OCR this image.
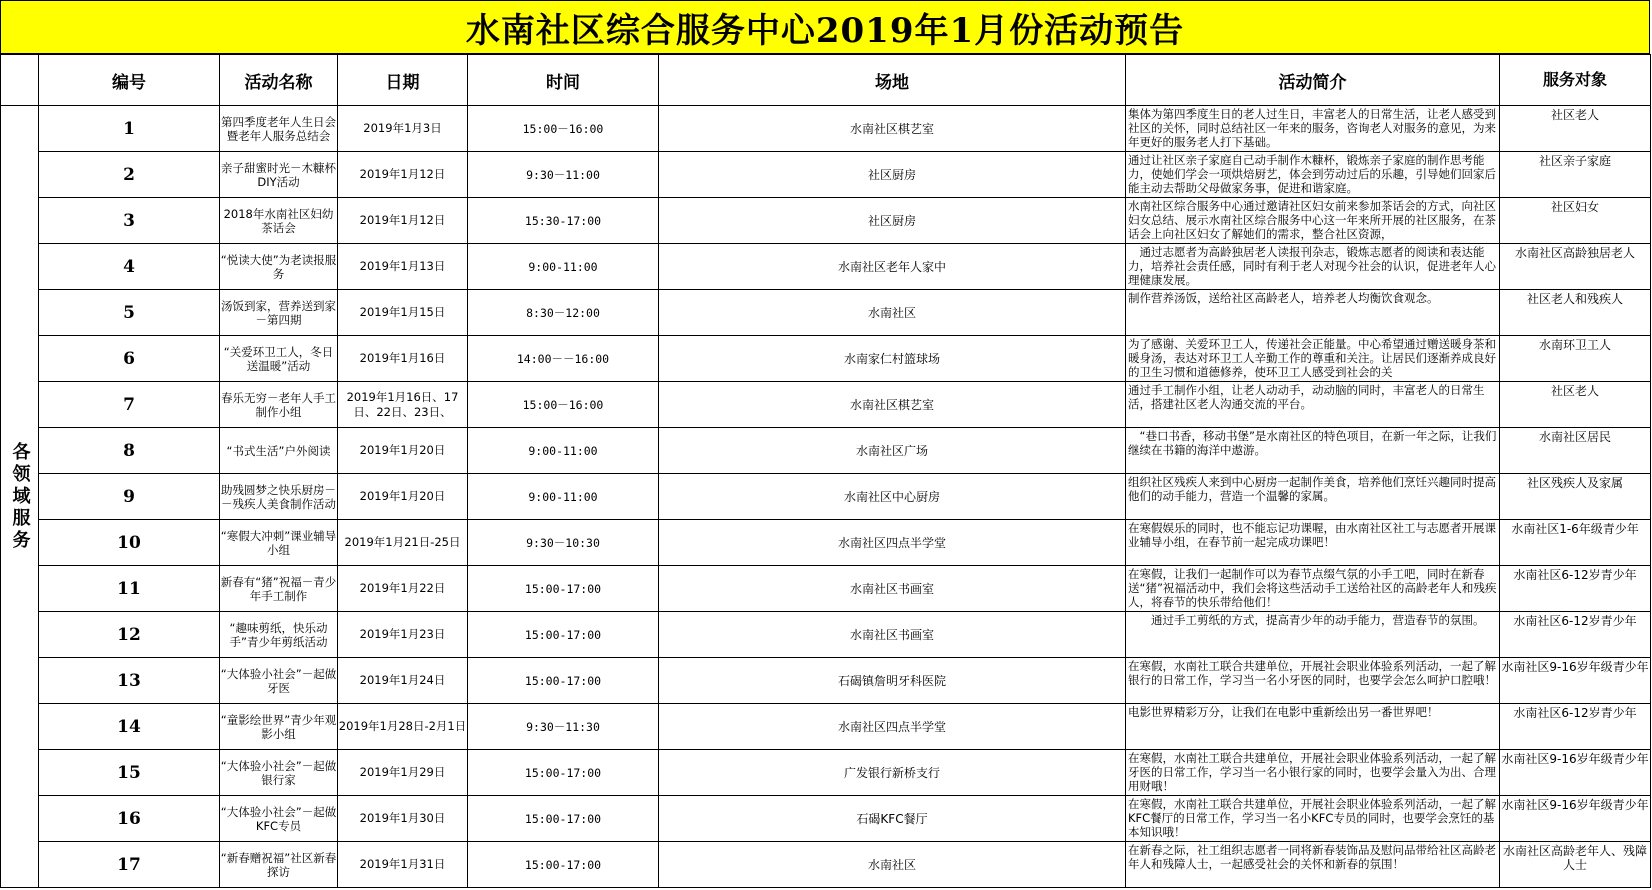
水南社区综合服务中心2019年1月份活动预告
	编号	活动名称	日期	时间	场地	活动简介	服务对象
各领域服务	1	第四季度老年人生日会暨老年人服务总结会	2019年1月3日	15:00－16:00	水南社区棋艺室	集体为第四季度生日的老人过生日，丰富老人的日常生活，让老人感受到社区的关怀，同时总结社区一年来的服务，咨询老人对服务的意见，为来年更好的服务老人打下基础。	社区老人

	2	亲子甜蜜时光－木糠杯DIY活动	2019年1月12日	9:30－11:00	社区厨房	通过让社区亲子家庭自己动手制作木糠杯，锻炼亲子家庭的制作思考能力，使她们学会一项烘焙厨艺，体会到劳动过后的乐趣，引导她们回家后能主动去帮助父母做家务事，促进和谐家庭。	社区亲子家庭

	3	2018年水南社区妇幼茶话会	2019年1月12日	15:30-17:00	社区厨房	水南社区综合服务中心通过邀请社区妇女前来参加茶话会的方式，向社区妇女总结、展示水南社区综合服务中心这一年来所开展的社区服务，在茶话会上向社区妇女了解她们的需求，整合社区资源，	社区妇女

	4	“悦读大使”为老读报服务	2019年1月13日	9:00-11:00	水南社区老年人家中	　通过志愿者为高龄独居老人读报刊杂志，锻炼志愿者的阅读和表达能力，培养社会责任感，同时有利于老人对现今社会的认识，促进老年人心理健康发展。	水南社区高龄独居老人

	5	汤饭到家，营养送到家－第四期	2019年1月15日	8:30－12:00	水南社区	制作营养汤饭，送给社区高龄老人，培养老人均衡饮食观念。	社区老人和残疾人

	6	“关爱环卫工人，冬日送温暖”活动	2019年1月16日	14:00－－16:00	水南家仁村篮球场	为了感谢、关爱环卫工人，传递社会正能量。中心希望通过赠送暖身茶和暖身汤，表达对环卫工人辛勤工作的尊重和关注。让居民们逐渐养成良好的卫生习惯和道德修养，使环卫工人感受到社会的关	水南环卫工人

	7	春乐无穷－老年人手工制作小组	2019年1月16日、17日、22日、23日、	15:00－16:00	水南社区棋艺室	通过手工制作小组，让老人动动手，动动脑的同时，丰富老人的日常生活，搭建社区老人沟通交流的平台。	社区老人

	8	“书式生活”户外阅读	2019年1月20日	9:00-11:00	水南社区广场	　“巷口书香，移动书堡”是水南社区的特色项目，在新一年之际，让我们继续在书籍的海洋中遨游。	水南社区居民

	9	助残圆梦之快乐厨房－－残疾人美食制作活动	2019年1月20日	9:00-11:00	水南社区中心厨房	组织社区残疾人来到中心厨房一起制作美食，培养他们烹饪兴趣同时提高他们的动手能力，营造一个温馨的家属。	社区残疾人及家属

	10	“寒假大冲刺”课业辅导小组	2019年1月21日-25日	9:30－10:30	水南社区四点半学堂	在寒假娱乐的同时，也不能忘记功课喔，由水南社区社工与志愿者开展课业辅导小组，在春节前一起完成功课吧！	水南社区1-6年级青少年

	11	新春有“猪”祝福－青少年手工制作	2019年1月22日	15:00-17:00	水南社区书画室	在寒假，让我们一起制作可以为春节点缀气氛的小手工吧，同时在新春送“猪”祝福活动中，我们会将这些活动手工送给社区的高龄老年人和残疾人，将春节的快乐带给他们！	水南社区6-12岁青少年

	12	“趣味剪纸，快乐动手”青少年剪纸活动	2019年1月23日	15:00-17:00	水南社区书画室	　　通过手工剪纸的方式，提高青少年的动手能力，营造春节的氛围。	水南社区6-12岁青少年

	13	“大体验小社会”－起做牙医	2019年1月24日	15:00-17:00	石碣镇詹明牙科医院	在寒假，水南社工联合共建单位，开展社会职业体验系列活动，一起了解银行的日常工作，学习当一名小牙医的同时，也要学会怎么呵护口腔哦！	水南社区9-16岁年级青少年

	14	“童影绘世界”青少年观影小组	2019年1月28日-2月1日	9:30－11:30	水南社区四点半学堂	电影世界精彩万分，让我们在电影中重新绘出另一番世界吧！	水南社区6-12岁青少年

	15	“大体验小社会”－起做银行家	2019年1月29日	15:00-17:00	广发银行新桥支行	在寒假，水南社工联合共建单位，开展社会职业体验系列活动，一起了解牙医的日常工作，学习当一名小银行家的同时，也要学会量入为出、合理用财哦！	水南社区9-16岁年级青少年

	16	“大体验小社会”－起做KFC专员	2019年1月30日	15:00-17:00	石碣KFC餐厅	在寒假，水南社工联合共建单位，开展社会职业体验系列活动，一起了解KFC餐厅的日常工作，学习当一名小KFC专员的同时，也要学会烹饪的基本知识哦！	水南社区9-16岁年级青少年

	17	“新春赠祝福”社区新春探访	2019年1月31日	15:00-17:00	水南社区	在新春之际，社工组织志愿者一同将新春装饰品及慰问品带给社区高龄老年人和残障人士，一起感受社会的关怀和新春的氛围！	水南社区高龄老年人、残障人士
